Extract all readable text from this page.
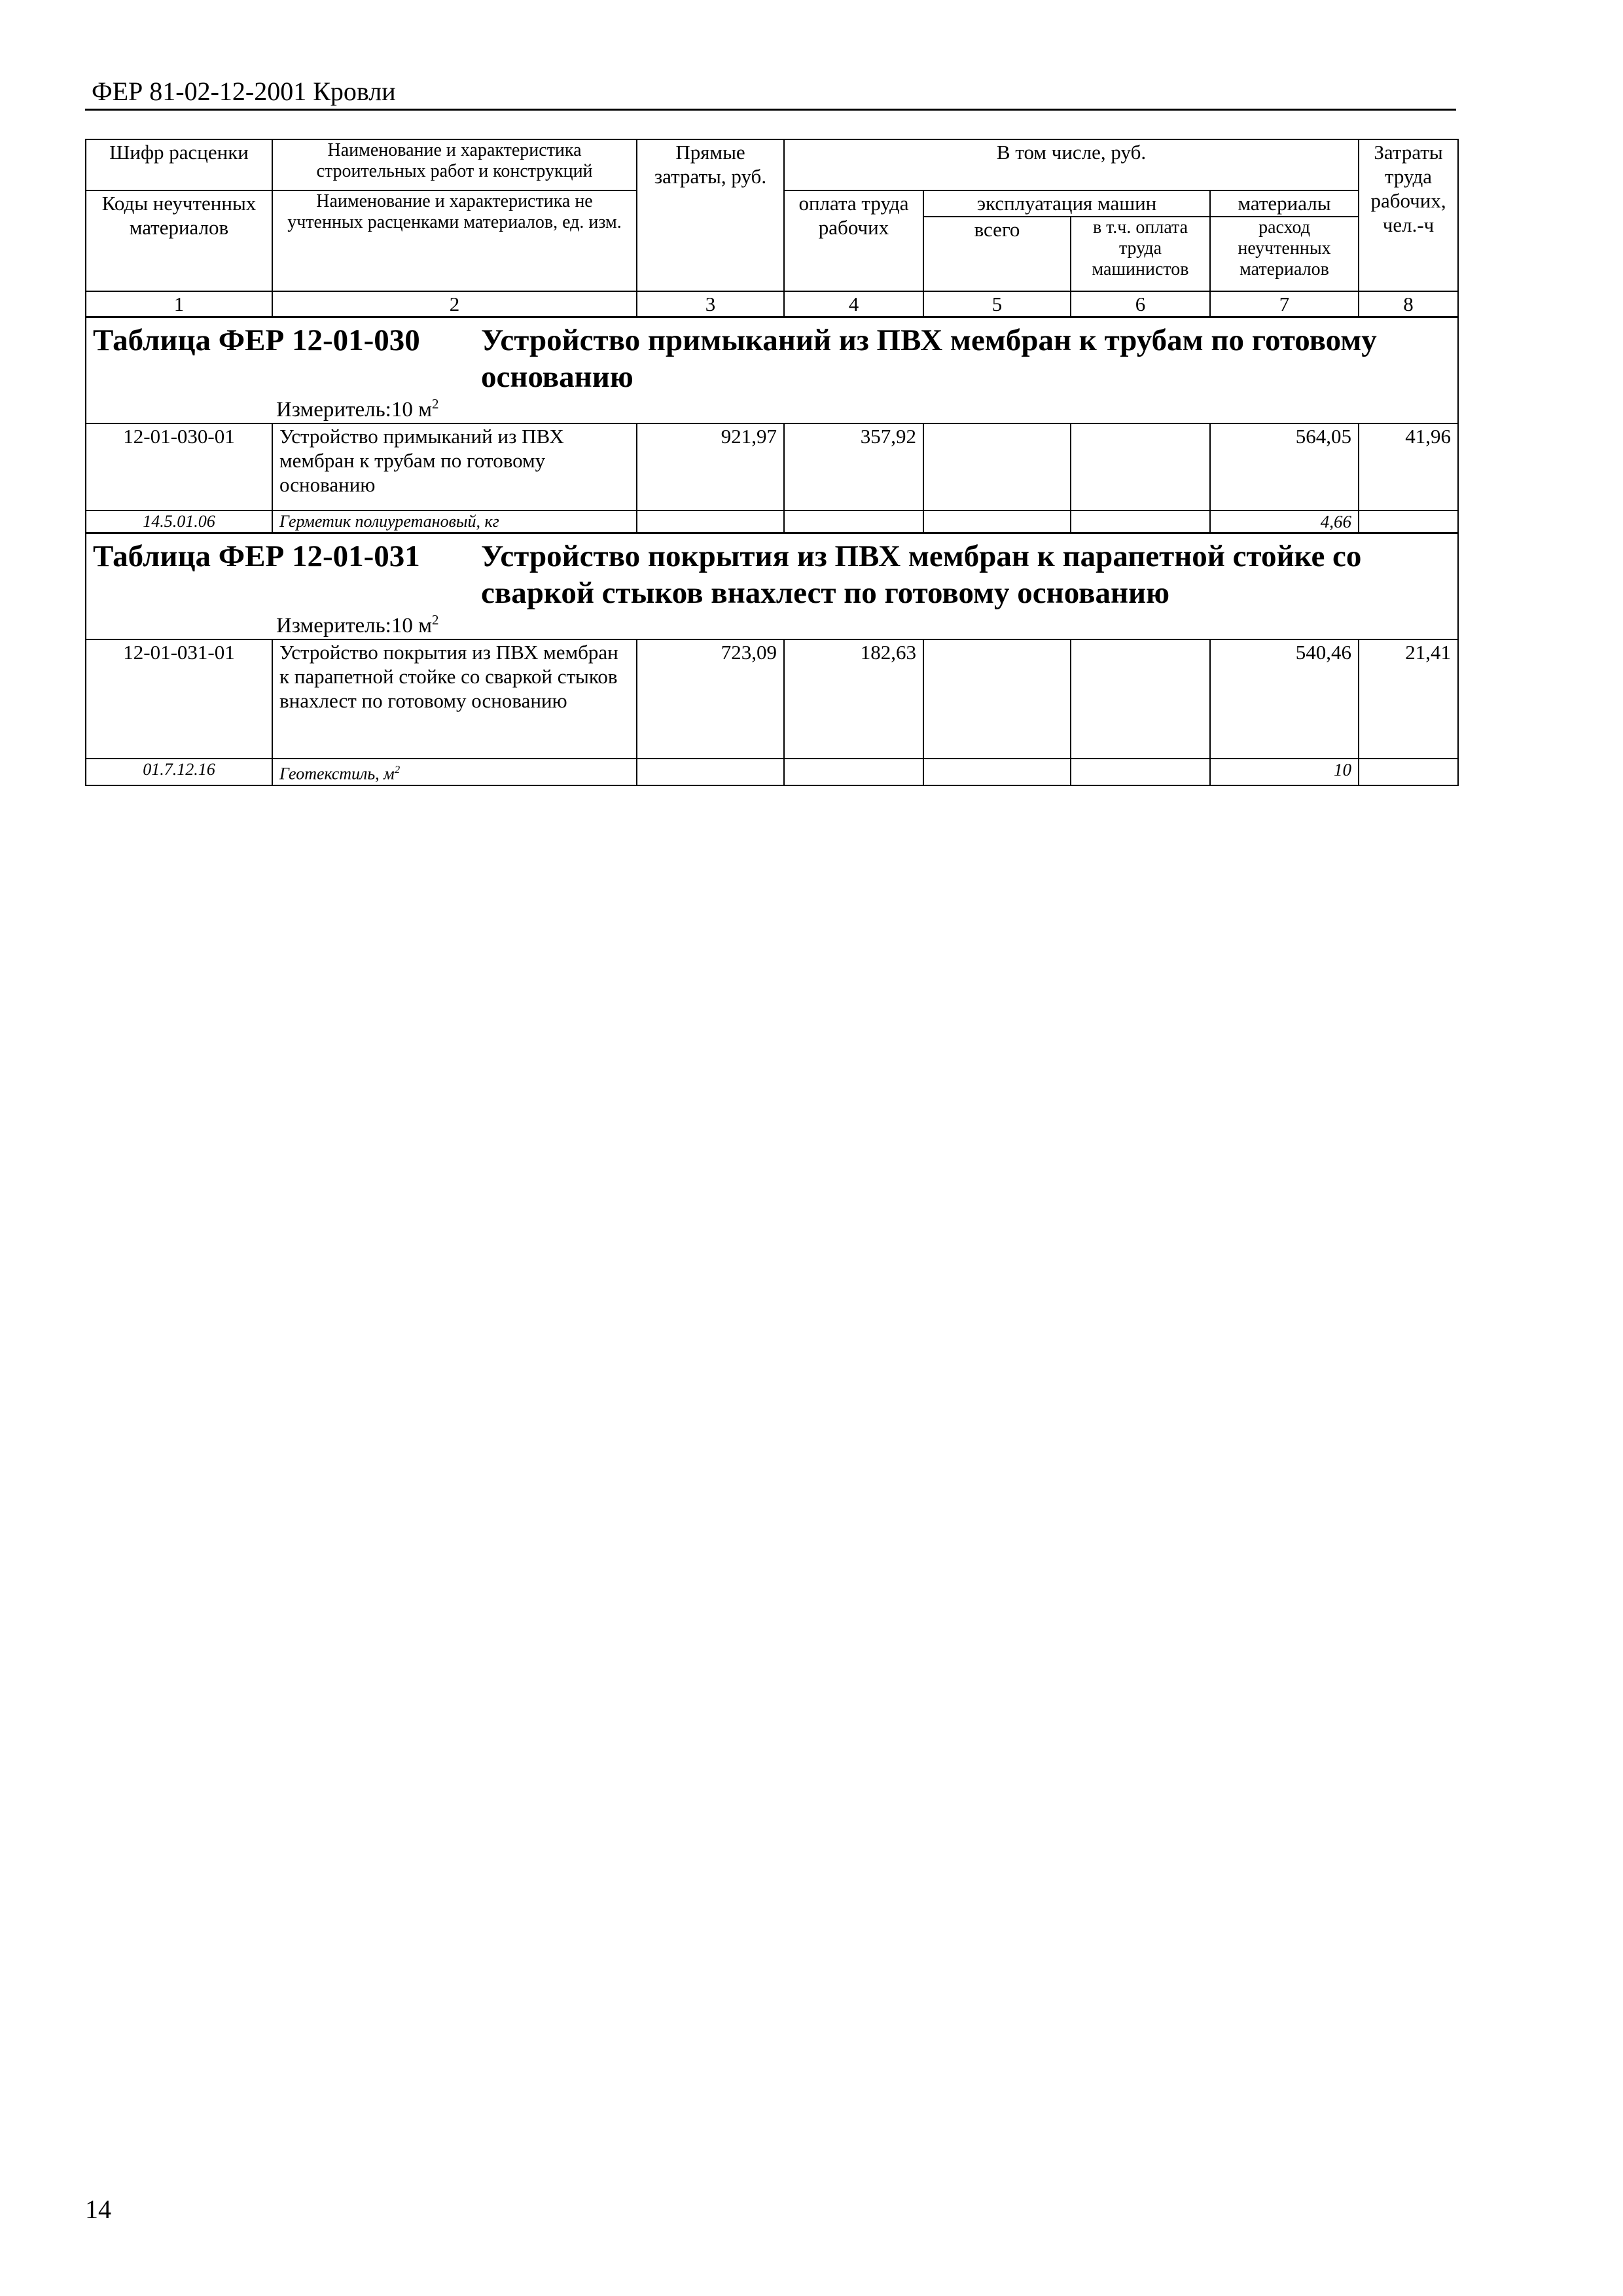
ФЕР 81-02-12-2001 Кровли
Шифр расценки	Наименование и характеристика строительных работ и конструкций	Прямые затраты, руб.	В том числе, руб.				Затраты труда рабочих, чел.-ч
Коды неучтенных материалов	Наименование и характеристика не учтенных расценками материалов, ед. изм.		оплата труда рабочих	эксплуатация машин		материалы	
				всего	в т.ч. оплата труда машинистов	расход неучтенных материалов	
1	2	3	4	5	6	7	8

Таблица ФЕР 12-01-030 Устройство примыканий из ПВХ мембран к трубам по готовому основанию
Измеритель: 10 $м^2$

12-01-030-01	Устройство примыканий из ПВХ мембран к трубам по готовому основанию	921,97	357,92			564,05	41,96
14.5.01.06	Герметик полиуретановый, кг					4,66	

Таблица ФЕР 12-01-031 Устройство покрытия из ПВХ мембран к парапетной стойке со сваркой стыков внахлест по готовому основанию
Измеритель: 10 $м^2$

12-01-031-01	Устройство покрытия из ПВХ мембран к парапетной стойке со сваркой стыков внахлест по готовому основанию	723,09	182,63			540,46	21,41
01.7.12.16	Геотекстиль, $м^2$					10	
14
